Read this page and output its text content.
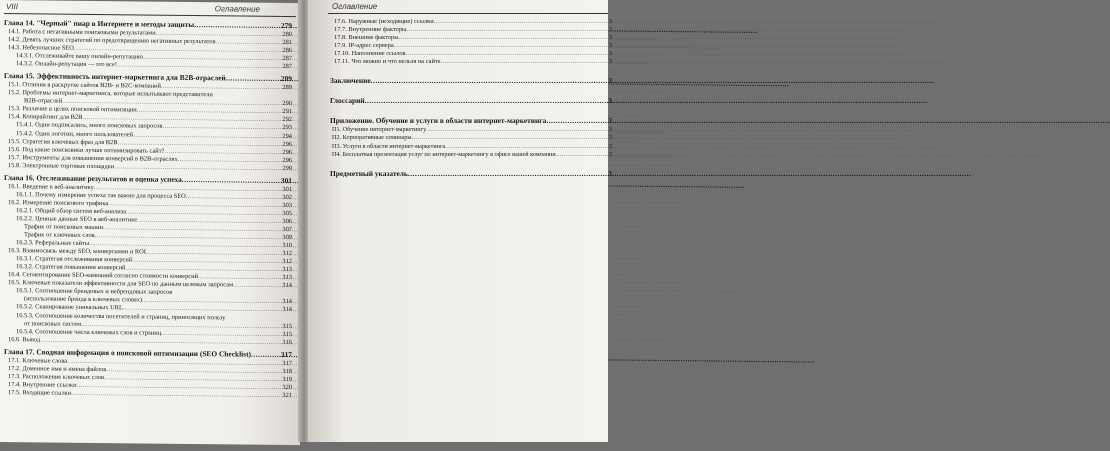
VIII	Оглавление
Глава 14. "Черный" пиар в Интернете и методы защиты .....	279
14.1. Работа с негативными поисковыми результатами .....	280
14.2. Девять лучших стратегий по предотвращению негативных результатов .....	281
14.3. Небезопасное SEO .....	286
14.3.1. Отслеживайте вашу онлайн-репутацию .....	287
14.3.2. Онлайн-репутация — это все! .....	287
Глава 15. Эффективность интернет-маркетинга для B2B-отраслей .....	289
15.1. Отличия в раскрутке сайтов B2B- и B2C-компаний .....	289
15.2. Проблемы интернет-маркетинга, которые испытывают представители
B2B-отраслей .....	290
15.3. Различие в целях поисковой оптимизации .....	291
15.4. Копирайтинг для B2B .....	292
15.4.1. Одни подписались, много поисковых запросов .....	293
15.4.2. Один логотип, много пользователей .....	294
15.5. Стратегия ключевых фраз для B2B .....	296
15.6. Под какие поисковики лучше оптимизировать сайт? .....	296
15.7. Инструменты для повышения конверсий в B2B-отраслях .....	296
15.8. Электронные торговые площадки .....	299
Глава 16. Отслеживание результатов и оценка успеха .....	301
16.1. Введение в веб-аналитику .....	301
16.1.1. Почему измерение успеха так важно для процесса SEO .....	302
16.2. Измерение поискового трафика .....	303
16.2.1. Общий обзор систем веб-анализа .....	305
16.2.2. Ценные данные SEO в веб-аналитике .....	306
Трафик от поисковых машин .....	307
Трафик от ключевых слов .....	309
16.2.3. Реферальные сайты .....	310
16.3. Взаимосвязь между SEO, конверсиями и ROI .....	312
16.3.1. Стратегия отслеживания конверсий .....	312
16.3.2. Стратегия повышения конверсий .....	313
16.4. Сегментирование SEO-кампаний согласно стоимости конверсий .....	313
16.5. Ключевые показатели эффективности для SEO по данным целевым запросам .....	314
16.5.1. Соотношение брендовых и небрендовых запросов
(использование бренда в ключевых словах) .....	314
16.5.2. Сканирование уникальных URL .....	314
16.5.3. Соотношение количества посетителей и страниц, приносящих пользу
от поисковых систем .....	315
16.5.4. Соотношение числа ключевых слов и страниц .....	315
16.6. Вывод .....	316
Глава 17. Сводная информация о поисковой оптимизации (SEO Checklist) .....	317
17.1. Ключевые слова .....	317
17.2. Доменное имя и имена файлов .....	318
17.3. Расположение ключевых слов .....	319
17.4. Внутренние ссылки .....	320
17.5. Входящие ссылки .....	321
Оглавление
17.6. Наружные (исходящие) ссылки .....	3
17.7. Внутренние факторы .....	3
17.8. Внешние факторы .....	3
17.9. IP-адрес сервера .....	3
17.10. Наполнение ссылок .....	3
17.11. Что можно и что нельзя на сайте .....	3
Заключение .....	3
Глоссарий .....	3
Приложение. Обучение и услуги в области интернет-маркетинга .....	3
П1. Обучение интернет-маркетингу .....	3
П2. Корпоративные семинары .....	3
П3. Услуги в области интернет-маркетинга .....	3
П4. Бесплатная презентация услуг по интернет-маркетингу в офисе вашей компании .....	3
Предметный указатель .....	3
